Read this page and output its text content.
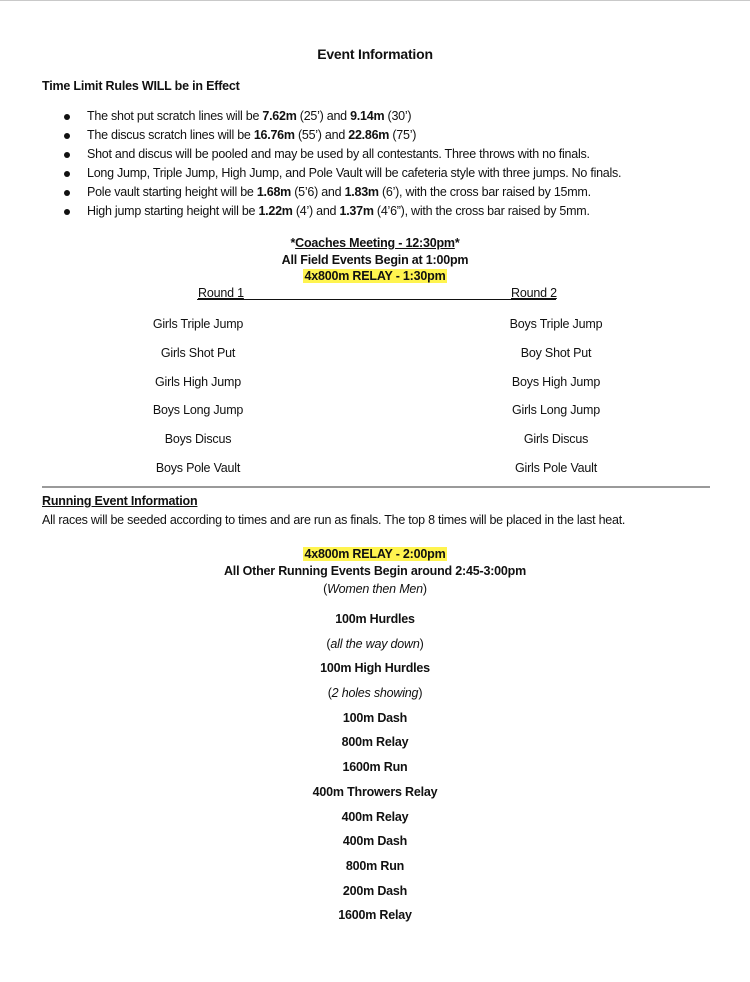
Event Information
Time Limit Rules WILL be in Effect
The shot put scratch lines will be 7.62m (25’) and 9.14m (30’)
The discus scratch lines will be 16.76m (55’) and 22.86m (75’)
Shot and discus will be pooled and may be used by all contestants. Three throws with no finals.
Long Jump, Triple Jump, High Jump, and Pole Vault will be cafeteria style with three jumps. No finals.
Pole vault starting height will be 1.68m (5’6) and 1.83m (6’), with the cross bar raised by 15mm.
High jump starting height will be 1.22m (4’) and 1.37m (4’6”), with the cross bar raised by 5mm.
*Coaches Meeting - 12:30pm*
All Field Events Begin at 1:00pm
4x800m RELAY - 1:30pm
Round 1	Round 2
Girls Triple Jump
Girls Shot Put
Girls High Jump
Boys Long Jump
Boys Discus
Boys Pole Vault
Boys Triple Jump
Boy Shot Put
Boys High Jump
Girls Long Jump
Girls Discus
Girls Pole Vault
Running Event Information
All races will be seeded according to times and are run as finals. The top 8 times will be placed in the last heat.
4x800m RELAY - 2:00pm
All Other Running Events Begin around 2:45-3:00pm
(Women then Men)
100m Hurdles
(all the way down)
100m High Hurdles
(2 holes showing)
100m Dash
800m Relay
1600m Run
400m Throwers Relay
400m Relay
400m Dash
800m Run
200m Dash
1600m Relay
